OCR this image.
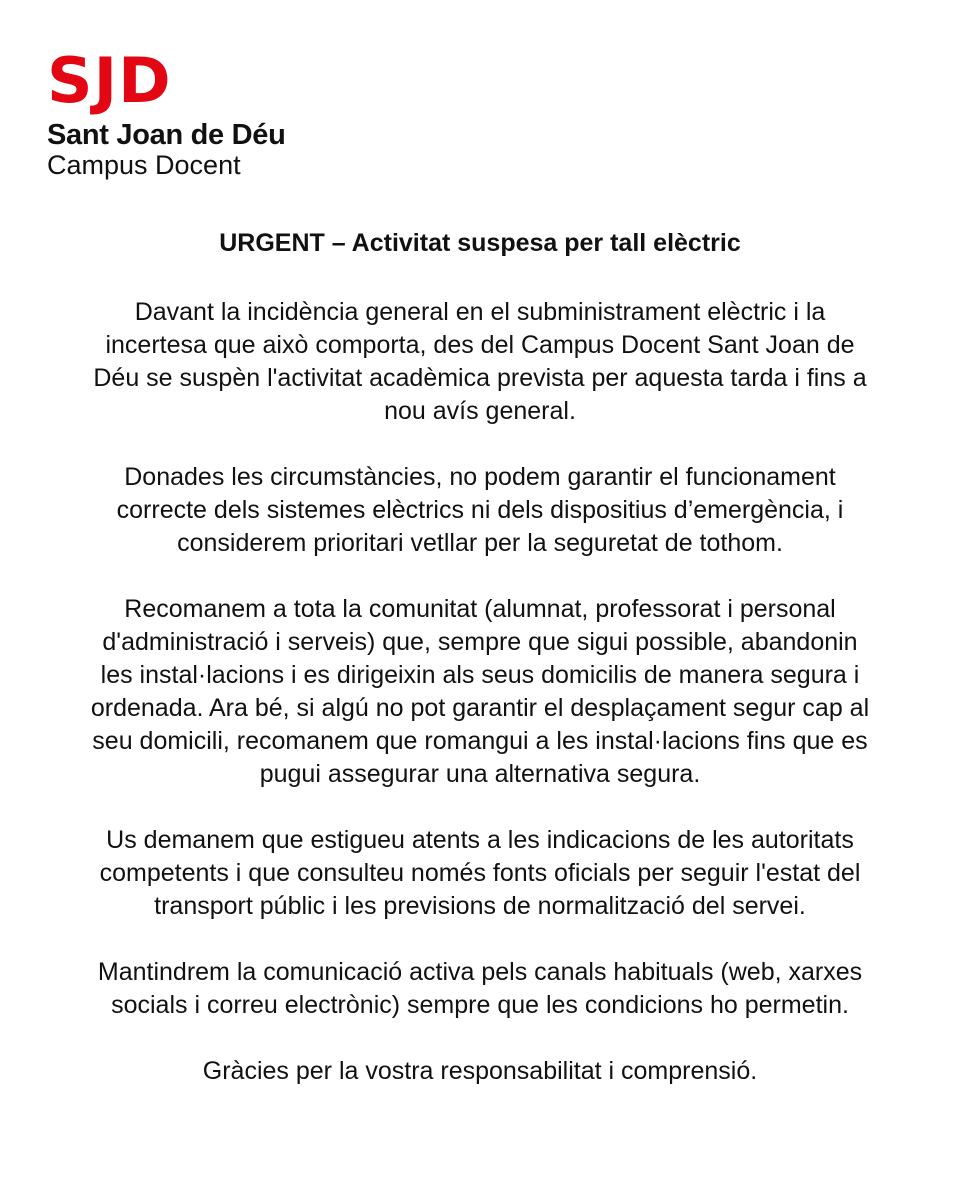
SJD
Sant Joan de Déu
Campus Docent
URGENT – Activitat suspesa per tall elèctric

Davant la incidència general en el subministrament elèctric i la
incertesa que això comporta, des del Campus Docent Sant Joan de
Déu se suspèn l'activitat acadèmica prevista per aquesta tarda i fins a
nou avís general.

Donades les circumstàncies, no podem garantir el funcionament
correcte dels sistemes elèctrics ni dels dispositius d’emergència, i
considerem prioritari vetllar per la seguretat de tothom.

Recomanem a tota la comunitat (alumnat, professorat i personal
d'administració i serveis) que, sempre que sigui possible, abandonin
les instal·lacions i es dirigeixin als seus domicilis de manera segura i
ordenada. Ara bé, si algú no pot garantir el desplaçament segur cap al
seu domicili, recomanem que romangui a les instal·lacions fins que es
pugui assegurar una alternativa segura.

Us demanem que estigueu atents a les indicacions de les autoritats
competents i que consulteu només fonts oficials per seguir l'estat del
transport públic i les previsions de normalització del servei.

Mantindrem la comunicació activa pels canals habituals (web, xarxes
socials i correu electrònic) sempre que les condicions ho permetin.

Gràcies per la vostra responsabilitat i comprensió.
